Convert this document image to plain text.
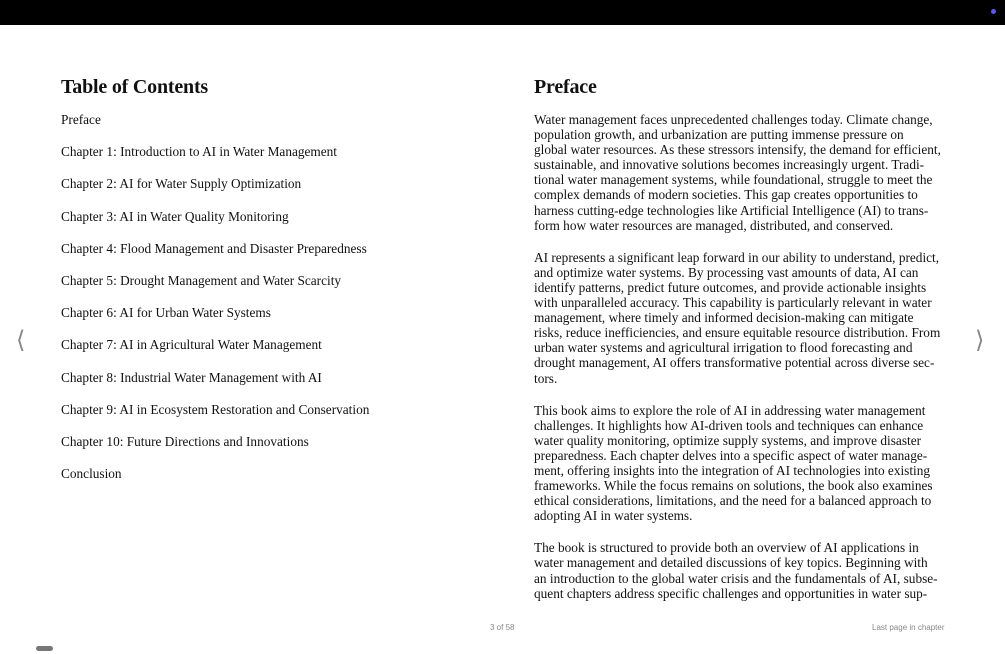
Table of Contents
Preface
Chapter 1: Introduction to AI in Water Management
Chapter 2: AI for Water Supply Optimization
Chapter 3: AI in Water Quality Monitoring
Chapter 4: Flood Management and Disaster Preparedness
Chapter 5: Drought Management and Water Scarcity
Chapter 6: AI for Urban Water Systems
Chapter 7: AI in Agricultural Water Management
Chapter 8: Industrial Water Management with AI
Chapter 9: AI in Ecosystem Restoration and Conservation
Chapter 10: Future Directions and Innovations
Conclusion
Preface
Water management faces unprecedented challenges today. Climate change,
population growth, and urbanization are putting immense pressure on
global water resources. As these stressors intensify, the demand for efficient,
sustainable, and innovative solutions becomes increasingly urgent. Tradi-
tional water management systems, while foundational, struggle to meet the
complex demands of modern societies. This gap creates opportunities to
harness cutting-edge technologies like Artificial Intelligence (AI) to trans-
form how water resources are managed, distributed, and conserved.
AI represents a significant leap forward in our ability to understand, predict,
and optimize water systems. By processing vast amounts of data, AI can
identify patterns, predict future outcomes, and provide actionable insights
with unparalleled accuracy. This capability is particularly relevant in water
management, where timely and informed decision-making can mitigate
risks, reduce inefficiencies, and ensure equitable resource distribution. From
urban water systems and agricultural irrigation to flood forecasting and
drought management, AI offers transformative potential across diverse sec-
tors.
This book aims to explore the role of AI in addressing water management
challenges. It highlights how AI-driven tools and techniques can enhance
water quality monitoring, optimize supply systems, and improve disaster
preparedness. Each chapter delves into a specific aspect of water manage-
ment, offering insights into the integration of AI technologies into existing
frameworks. While the focus remains on solutions, the book also examines
ethical considerations, limitations, and the need for a balanced approach to
adopting AI in water systems.
The book is structured to provide both an overview of AI applications in
water management and detailed discussions of key topics. Beginning with
an introduction to the global water crisis and the fundamentals of AI, subse-
quent chapters address specific challenges and opportunities in water sup-
⟨	⟩
3 of 58	Last page in chapter
